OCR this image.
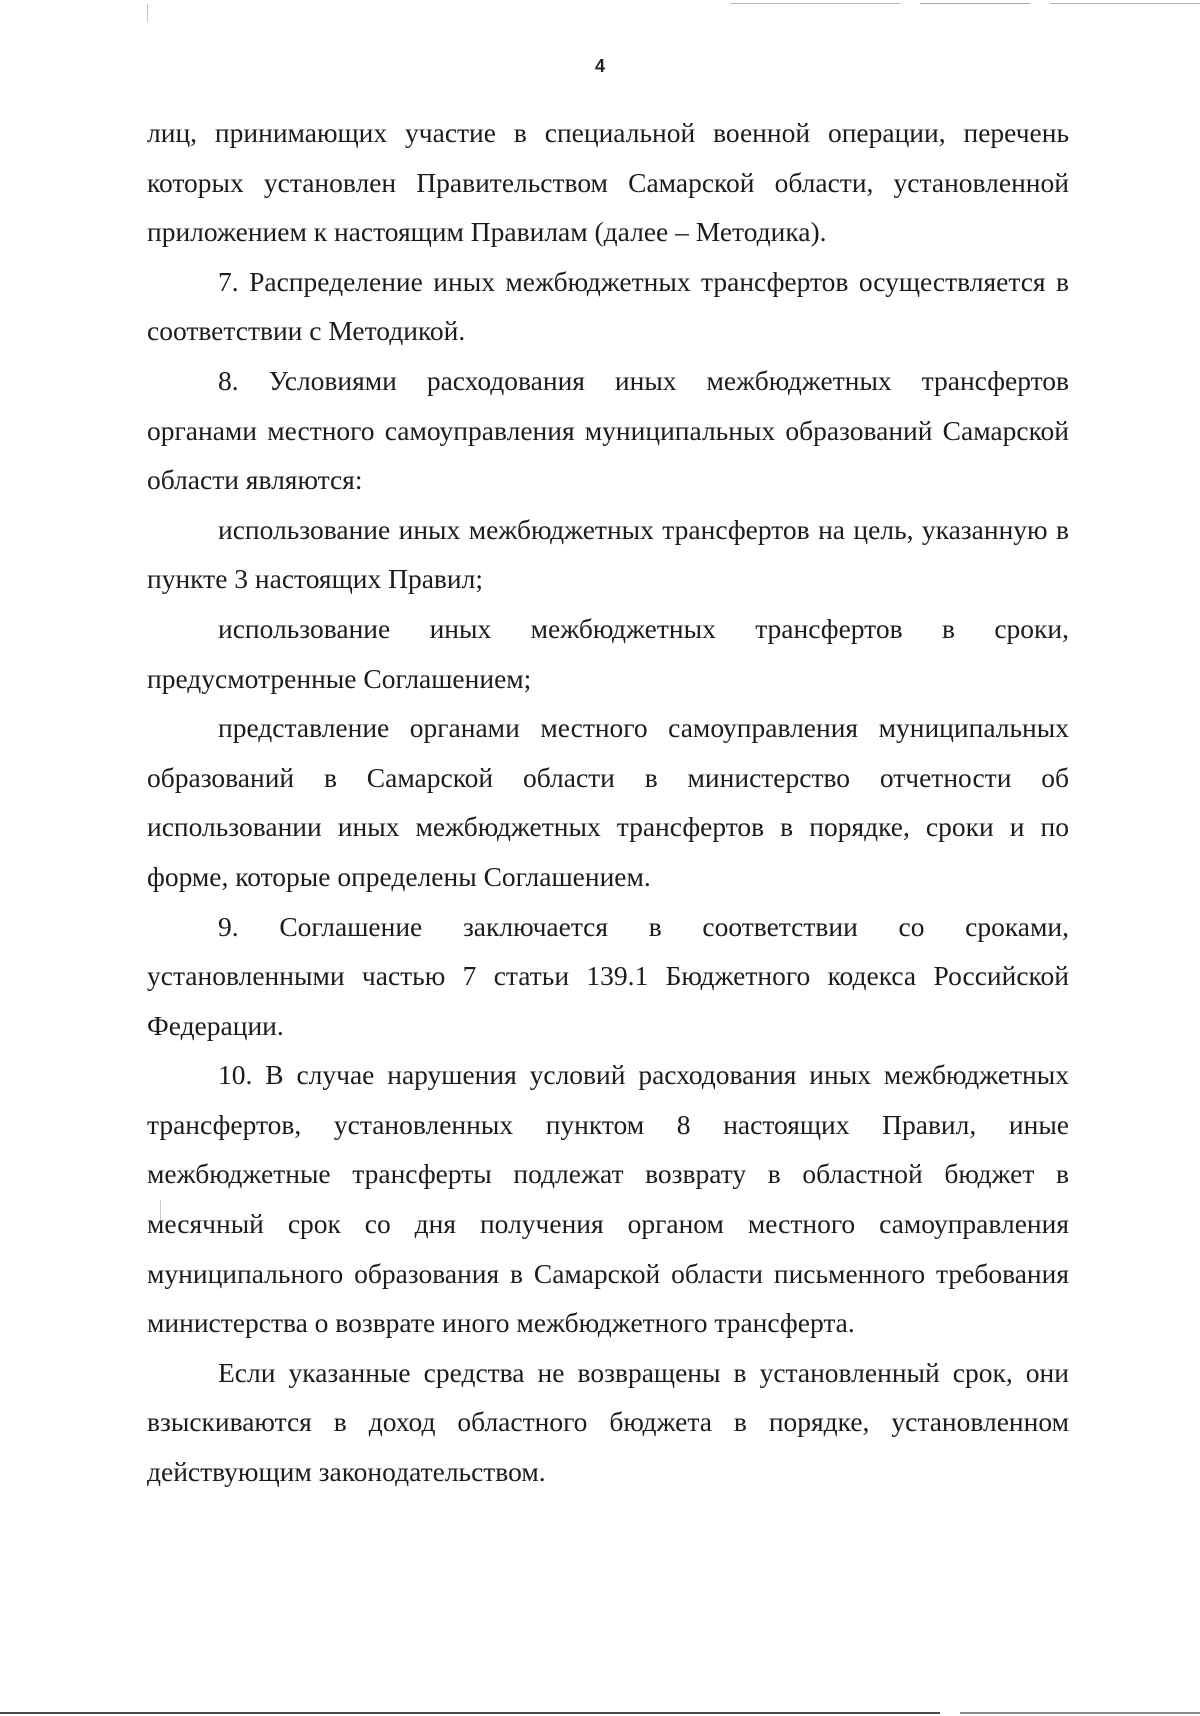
4

лиц, принимающих участие в специальной военной операции, перечень которых установлен Правительством Самарской области, установленной приложением к настоящим Правилам (далее – Методика).

7. Распределение иных межбюджетных трансфертов осуществляется в соответствии с Методикой.

8. Условиями расходования иных межбюджетных трансфертов органами местного самоуправления муниципальных образований Самарской области являются:

использование иных межбюджетных трансфертов на цель, указанную в пункте 3 настоящих Правил;

использование иных межбюджетных трансфертов в сроки, предусмотренные Соглашением;

представление органами местного самоуправления муниципальных образований в Самарской области в министерство отчетности об использовании иных межбюджетных трансфертов в порядке, сроки и по форме, которые определены Соглашением.

9. Соглашение заключается в соответствии со сроками, установленными частью 7 статьи 139.1 Бюджетного кодекса Российской Федерации.

10. В случае нарушения условий расходования иных межбюджетных трансфертов, установленных пунктом 8 настоящих Правил, иные межбюджетные трансферты подлежат возврату в областной бюджет в месячный срок со дня получения органом местного самоуправления муниципального образования в Самарской области письменного требования министерства о возврате иного межбюджетного трансферта.

Если указанные средства не возвращены в установленный срок, они взыскиваются в доход областного бюджета в порядке, установленном действующим законодательством.
